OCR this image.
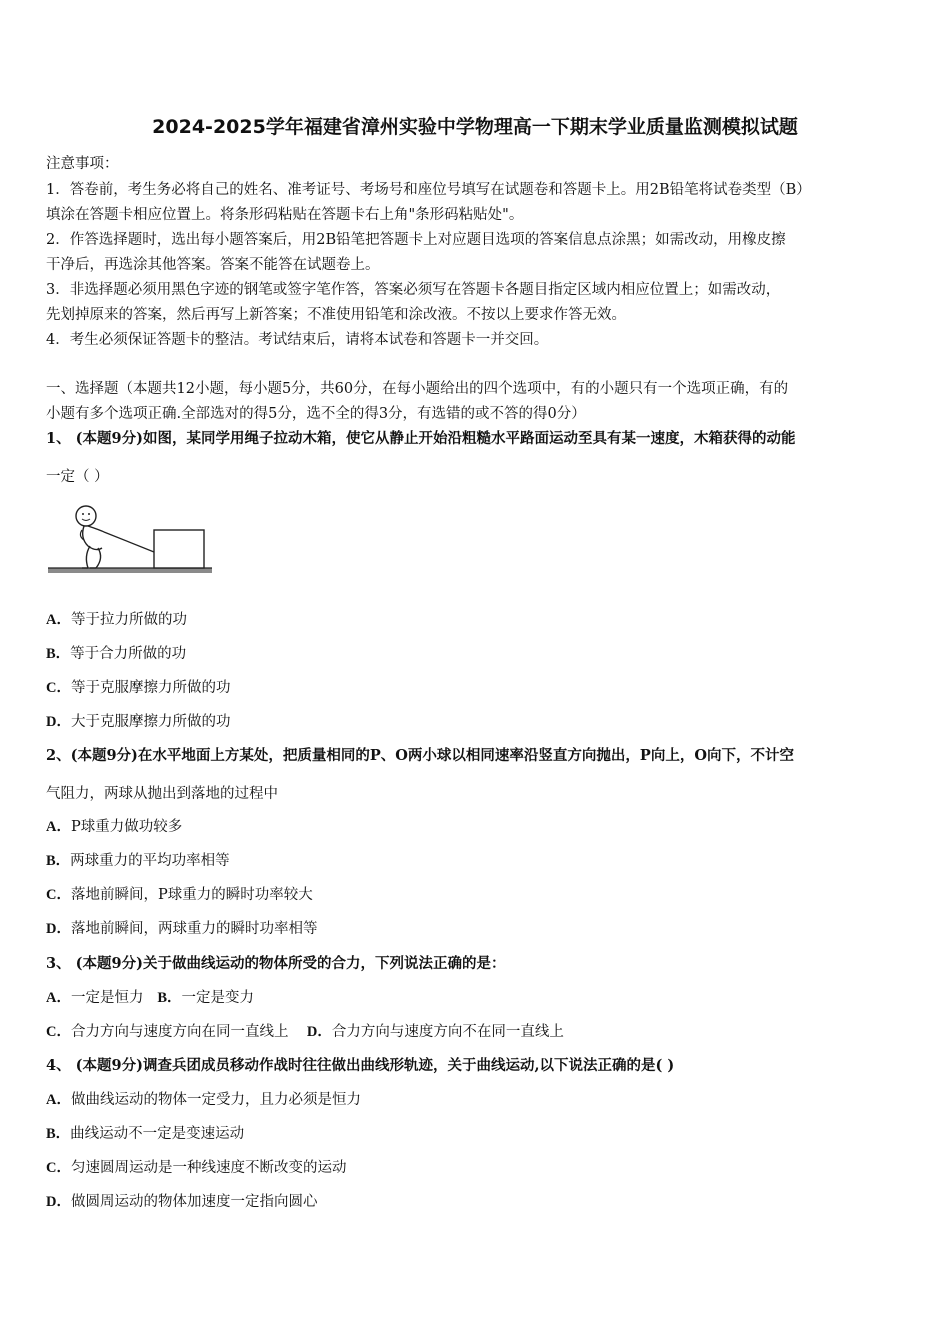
2024-2025学年福建省漳州实验中学物理高一下期末学业质量监测模拟试题
注意事项：
1．答卷前，考生务必将自己的姓名、准考证号、考场号和座位号填写在试题卷和答题卡上。用2B铅笔将试卷类型（B）
填涂在答题卡相应位置上。将条形码粘贴在答题卡右上角"条形码粘贴处"。
2．作答选择题时，选出每小题答案后，用2B铅笔把答题卡上对应题目选项的答案信息点涂黑；如需改动，用橡皮擦
干净后，再选涂其他答案。答案不能答在试题卷上。
3．非选择题必须用黑色字迹的钢笔或签字笔作答，答案必须写在答题卡各题目指定区域内相应位置上；如需改动，
先划掉原来的答案，然后再写上新答案；不准使用铅笔和涂改液。不按以上要求作答无效。
4．考生必须保证答题卡的整洁。考试结束后，请将本试卷和答题卡一并交回。
一、选择题（本题共12小题，每小题5分，共60分，在每小题给出的四个选项中，有的小题只有一个选项正确，有的
小题有多个选项正确.全部选对的得5分，选不全的得3分，有选错的或不答的得0分）
1、 (本题9分)如图，某同学用绳子拉动木箱，使它从静止开始沿粗糙水平路面运动至具有某一速度，木箱获得的动能
一定（ ）
A．等于拉力所做的功
B．等于合力所做的功
C．等于克服摩擦力所做的功
D．大于克服摩擦力所做的功
2、(本题9分)在水平地面上方某处，把质量相同的P、O两小球以相同速率沿竖直方向抛出，P向上，O向下，不计空
气阻力，两球从抛出到落地的过程中
A．P球重力做功较多
B．两球重力的平均功率相等
C．落地前瞬间，P球重力的瞬时功率较大
D．落地前瞬间，两球重力的瞬时功率相等
3、 (本题9分)关于做曲线运动的物体所受的合力，下列说法正确的是：
A．一定是恒力 B．一定是变力
C．合力方向与速度方向在同一直线上 D．合力方向与速度方向不在同一直线上
4、 (本题9分)调查兵团成员移动作战时往往做出曲线形轨迹，关于曲线运动,以下说法正确的是( )
A．做曲线运动的物体一定受力，且力必须是恒力
B．曲线运动不一定是变速运动
C．匀速圆周运动是一种线速度不断改变的运动
D．做圆周运动的物体加速度一定指向圆心
